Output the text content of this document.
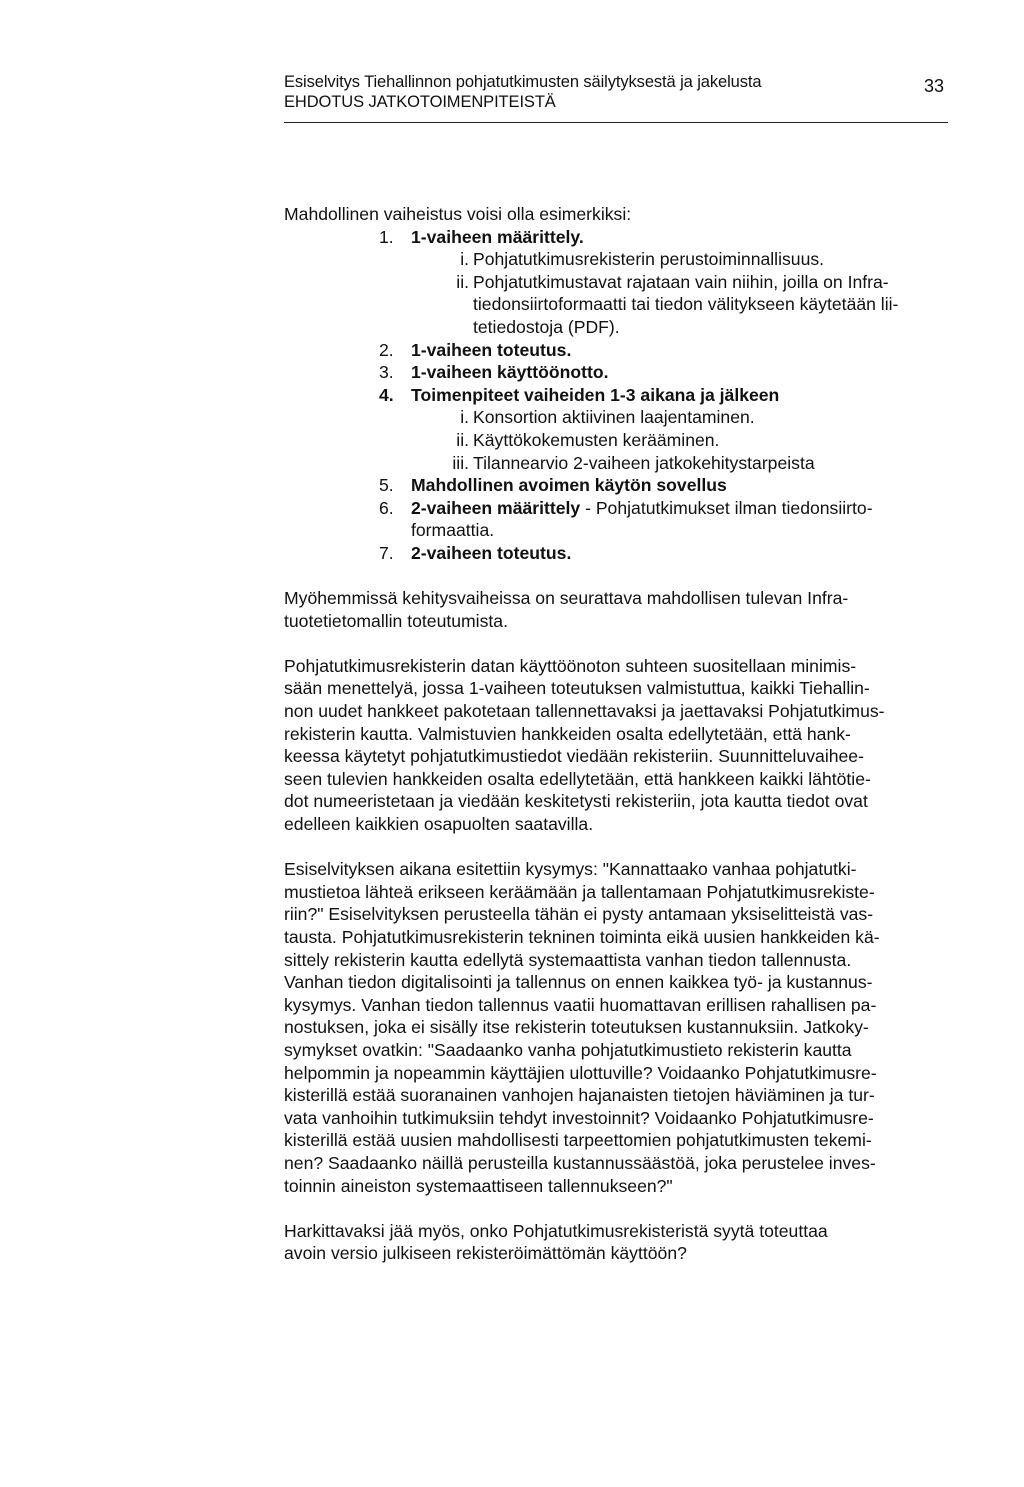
Esiselvitys Tiehallinnon pohjatutkimusten säilytyksestä ja jakelusta
EHDOTUS JATKOTOIMENPITEISTÄ
33

Mahdollinen vaiheistus voisi olla esimerkiksi:

1. 1-vaiheen määrittely.
i. Pohjatutkimusrekisterin perustoiminnallisuus.
ii. Pohjatutkimustavat rajataan vain niihin, joilla on Infra-
tiedonsiirtoformaatti tai tiedon välitykseen käytetään lii-
tetiedostoja (PDF).
2. 1-vaiheen toteutus.
3. 1-vaiheen käyttöönotto.
4. Toimenpiteet vaiheiden 1-3 aikana ja jälkeen
i. Konsortion aktiivinen laajentaminen.
ii. Käyttökokemusten kerääminen.
iii. Tilannearvio 2-vaiheen jatkokehitystarpeista
5. Mahdollinen avoimen käytön sovellus
6. 2-vaiheen määrittely - Pohjatutkimukset ilman tiedonsiirto-
formaattia.
7. 2-vaiheen toteutus.
Myöhemmissä kehitysvaiheissa on seurattava mahdollisen tulevan Infra-
tuotetietomallin toteutumista.
Pohjatutkimusrekisterin datan käyttöönoton suhteen suositellaan minimis-
sään menettelyä, jossa 1-vaiheen toteutuksen valmistuttua, kaikki Tiehallin-
non uudet hankkeet pakotetaan tallennettavaksi ja jaettavaksi Pohjatutkimus-
rekisterin kautta. Valmistuvien hankkeiden osalta edellytetään, että hank-
keessa käytetyt pohjatutkimustiedot viedään rekisteriin. Suunnitteluvaihee-
seen tulevien hankkeiden osalta edellytetään, että hankkeen kaikki lähtötie-
dot numeeristetaan ja viedään keskitetysti rekisteriin, jota kautta tiedot ovat
edelleen kaikkien osapuolten saatavilla.
Esiselvityksen aikana esitettiin kysymys: "Kannattaako vanhaa pohjatutki-
mustietoa lähteä erikseen keräämään ja tallentamaan Pohjatutkimusrekiste-
riin?" Esiselvityksen perusteella tähän ei pysty antamaan yksiselitteistä vas-
tausta. Pohjatutkimusrekisterin tekninen toiminta eikä uusien hankkeiden kä-
sittely rekisterin kautta edellytä systemaattista vanhan tiedon tallennusta.
Vanhan tiedon digitalisointi ja tallennus on ennen kaikkea työ- ja kustannus-
kysymys. Vanhan tiedon tallennus vaatii huomattavan erillisen rahallisen pa-
nostuksen, joka ei sisälly itse rekisterin toteutuksen kustannuksiin. Jatkoky-
symykset ovatkin: "Saadaanko vanha pohjatutkimustieto rekisterin kautta
helpommin ja nopeammin käyttäjien ulottuville? Voidaanko Pohjatutkimusre-
kisterillä estää suoranainen vanhojen hajanaisten tietojen häviäminen ja tur-
vata vanhoihin tutkimuksiin tehdyt investoinnit? Voidaanko Pohjatutkimusre-
kisterillä estää uusien mahdollisesti tarpeettomien pohjatutkimusten tekemi-
nen? Saadaanko näillä perusteilla kustannussäästöä, joka perustelee inves-
toinnin aineiston systemaattiseen tallennukseen?"
Harkittavaksi jää myös, onko Pohjatutkimusrekisteristä syytä toteuttaa
avoin versio julkiseen rekisteröimättömän käyttöön?
